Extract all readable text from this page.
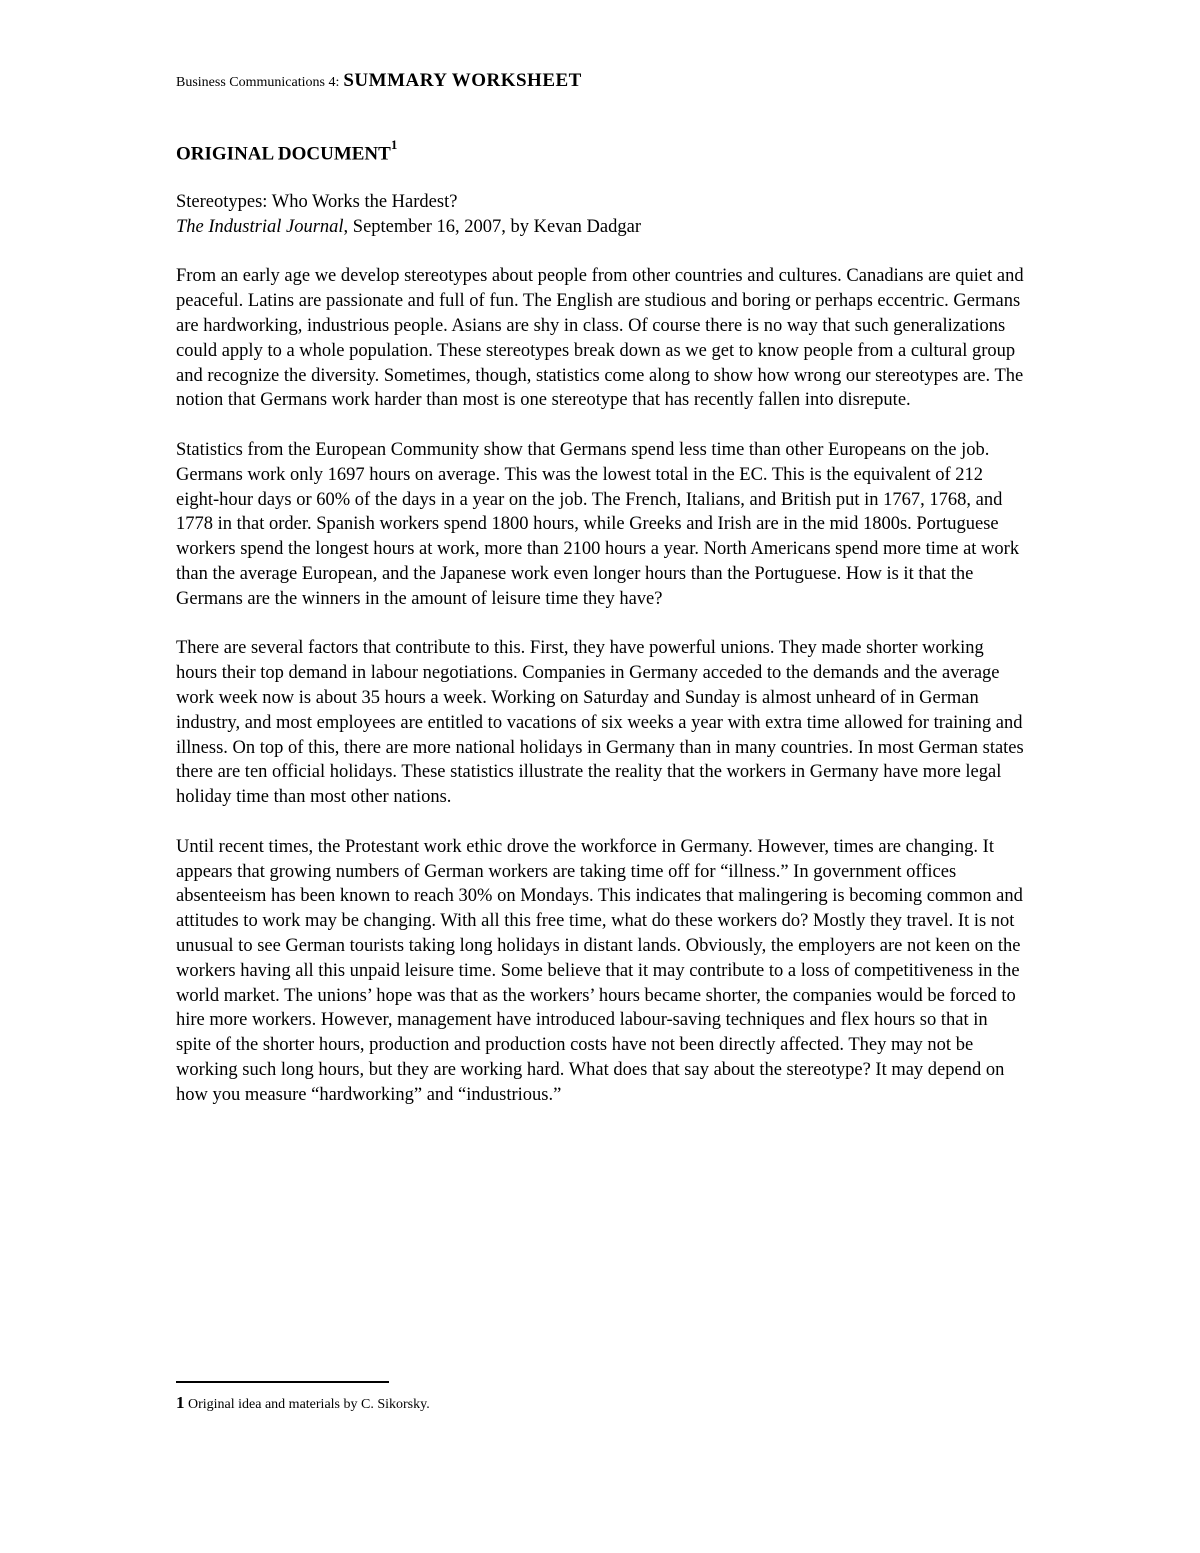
Business Communications 4: SUMMARY WORKSHEET
ORIGINAL DOCUMENT$^1$

Stereotypes: Who Works the Hardest?

The Industrial Journal, September 16, 2007, by Kevan Dadgar

From an early age we develop stereotypes about people from other countries and cultures. Canadians are quiet and peaceful. Latins are passionate and full of fun. The English are studious and boring or perhaps eccentric. Germans are hardworking, industrious people. Asians are shy in class. Of course there is no way that such generalizations could apply to a whole population. These stereotypes break down as we get to know people from a cultural group and recognize the diversity. Sometimes, though, statistics come along to show how wrong our stereotypes are. The notion that Germans work harder than most is one stereotype that has recently fallen into disrepute.

Statistics from the European Community show that Germans spend less time than other Europeans on the job. Germans work only 1697 hours on average. This was the lowest total in the EC. This is the equivalent of 212 eight-hour days or 60% of the days in a year on the job. The French, Italians, and British put in 1767, 1768, and 1778 in that order. Spanish workers spend 1800 hours, while Greeks and Irish are in the mid 1800s. Portuguese workers spend the longest hours at work, more than 2100 hours a year. North Americans spend more time at work than the average European, and the Japanese work even longer hours than the Portuguese. How is it that the Germans are the winners in the amount of leisure time they have?

There are several factors that contribute to this. First, they have powerful unions. They made shorter working hours their top demand in labour negotiations. Companies in Germany acceded to the demands and the average work week now is about 35 hours a week. Working on Saturday and Sunday is almost unheard of in German industry, and most employees are entitled to vacations of six weeks a year with extra time allowed for training and illness. On top of this, there are more national holidays in Germany than in many countries. In most German states there are ten official holidays. These statistics illustrate the reality that the workers in Germany have more legal holiday time than most other nations.

Until recent times, the Protestant work ethic drove the workforce in Germany. However, times are changing. It appears that growing numbers of German workers are taking time off for “illness.” In government offices absenteeism has been known to reach 30% on Mondays. This indicates that malingering is becoming common and attitudes to work may be changing. With all this free time, what do these workers do? Mostly they travel. It is not unusual to see German tourists taking long holidays in distant lands. Obviously, the employers are not keen on the workers having all this unpaid leisure time. Some believe that it may contribute to a loss of competitiveness in the world market. The unions’ hope was that as the workers’ hours became shorter, the companies would be forced to hire more workers. However, management have introduced labour-saving techniques and flex hours so that in spite of the shorter hours, production and production costs have not been directly affected. They may not be working such long hours, but they are working hard. What does that say about the stereotype? It may depend on how you measure “hardworking” and “industrious.”

1 Original idea and materials by C. Sikorsky.
